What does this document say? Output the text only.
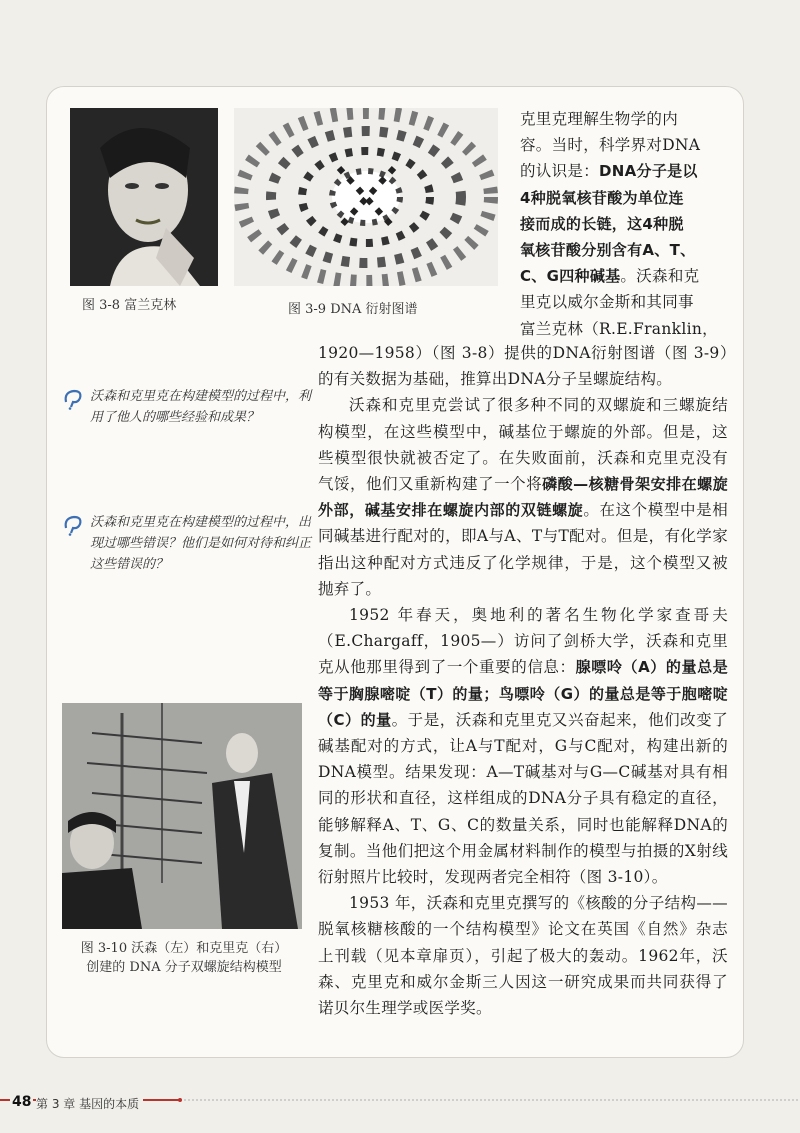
图 3-8 富兰克林	图 3-9 DNA 衍射图谱
克里克理解生物学的内
容。当时，科学界对DNA
的认识是：DNA分子是以
4种脱氧核苷酸为单位连
接而成的长链，这4种脱
氧核苷酸分别含有A、T、
C、G四种碱基。沃森和克
里克以威尔金斯和其同事
富兰克林（R.E.Franklin，

1920—1958）（图 3-8）提供的DNA衍射图谱（图 3-9）的有关数据为基础，推算出DNA分子呈螺旋结构。

沃森和克里克尝试了很多种不同的双螺旋和三螺旋结构模型，在这些模型中，碱基位于螺旋的外部。但是，这些模型很快就被否定了。在失败面前，沃森和克里克没有气馁，他们又重新构建了一个将磷酸—核糖骨架安排在螺旋外部，碱基安排在螺旋内部的双链螺旋。在这个模型中是相同碱基进行配对的，即A与A、T与T配对。但是，有化学家指出这种配对方式违反了化学规律，于是，这个模型又被抛弃了。

1952 年春天，奥地利的著名生物化学家查哥夫（E.Chargaff，1905—）访问了剑桥大学，沃森和克里克从他那里得到了一个重要的信息：腺嘌呤（A）的量总是等于胸腺嘧啶（T）的量；鸟嘌呤（G）的量总是等于胞嘧啶（C）的量。于是，沃森和克里克又兴奋起来，他们改变了碱基配对的方式，让A与T配对，G与C配对，构建出新的DNA模型。结果发现：A—T碱基对与G—C碱基对具有相同的形状和直径，这样组成的DNA分子具有稳定的直径，能够解释A、T、G、C的数量关系，同时也能解释DNA的复制。当他们把这个用金属材料制作的模型与拍摄的X射线衍射照片比较时，发现两者完全相符（图 3-10）。

1953 年，沃森和克里克撰写的《核酸的分子结构——脱氧核糖核酸的一个结构模型》论文在英国《自然》杂志上刊载（见本章扉页），引起了极大的轰动。1962年，沃森、克里克和威尔金斯三人因这一研究成果而共同获得了诺贝尔生理学或医学奖。

沃森和克里克在构建模型的过程中，利用了他人的哪些经验和成果？
沃森和克里克在构建模型的过程中，出现过哪些错误？他们是如何对待和纠正这些错误的？
图 3-10 沃森（左）和克里克（右）
创建的 DNA 分子双螺旋结构模型
48 第 3 章 基因的本质
